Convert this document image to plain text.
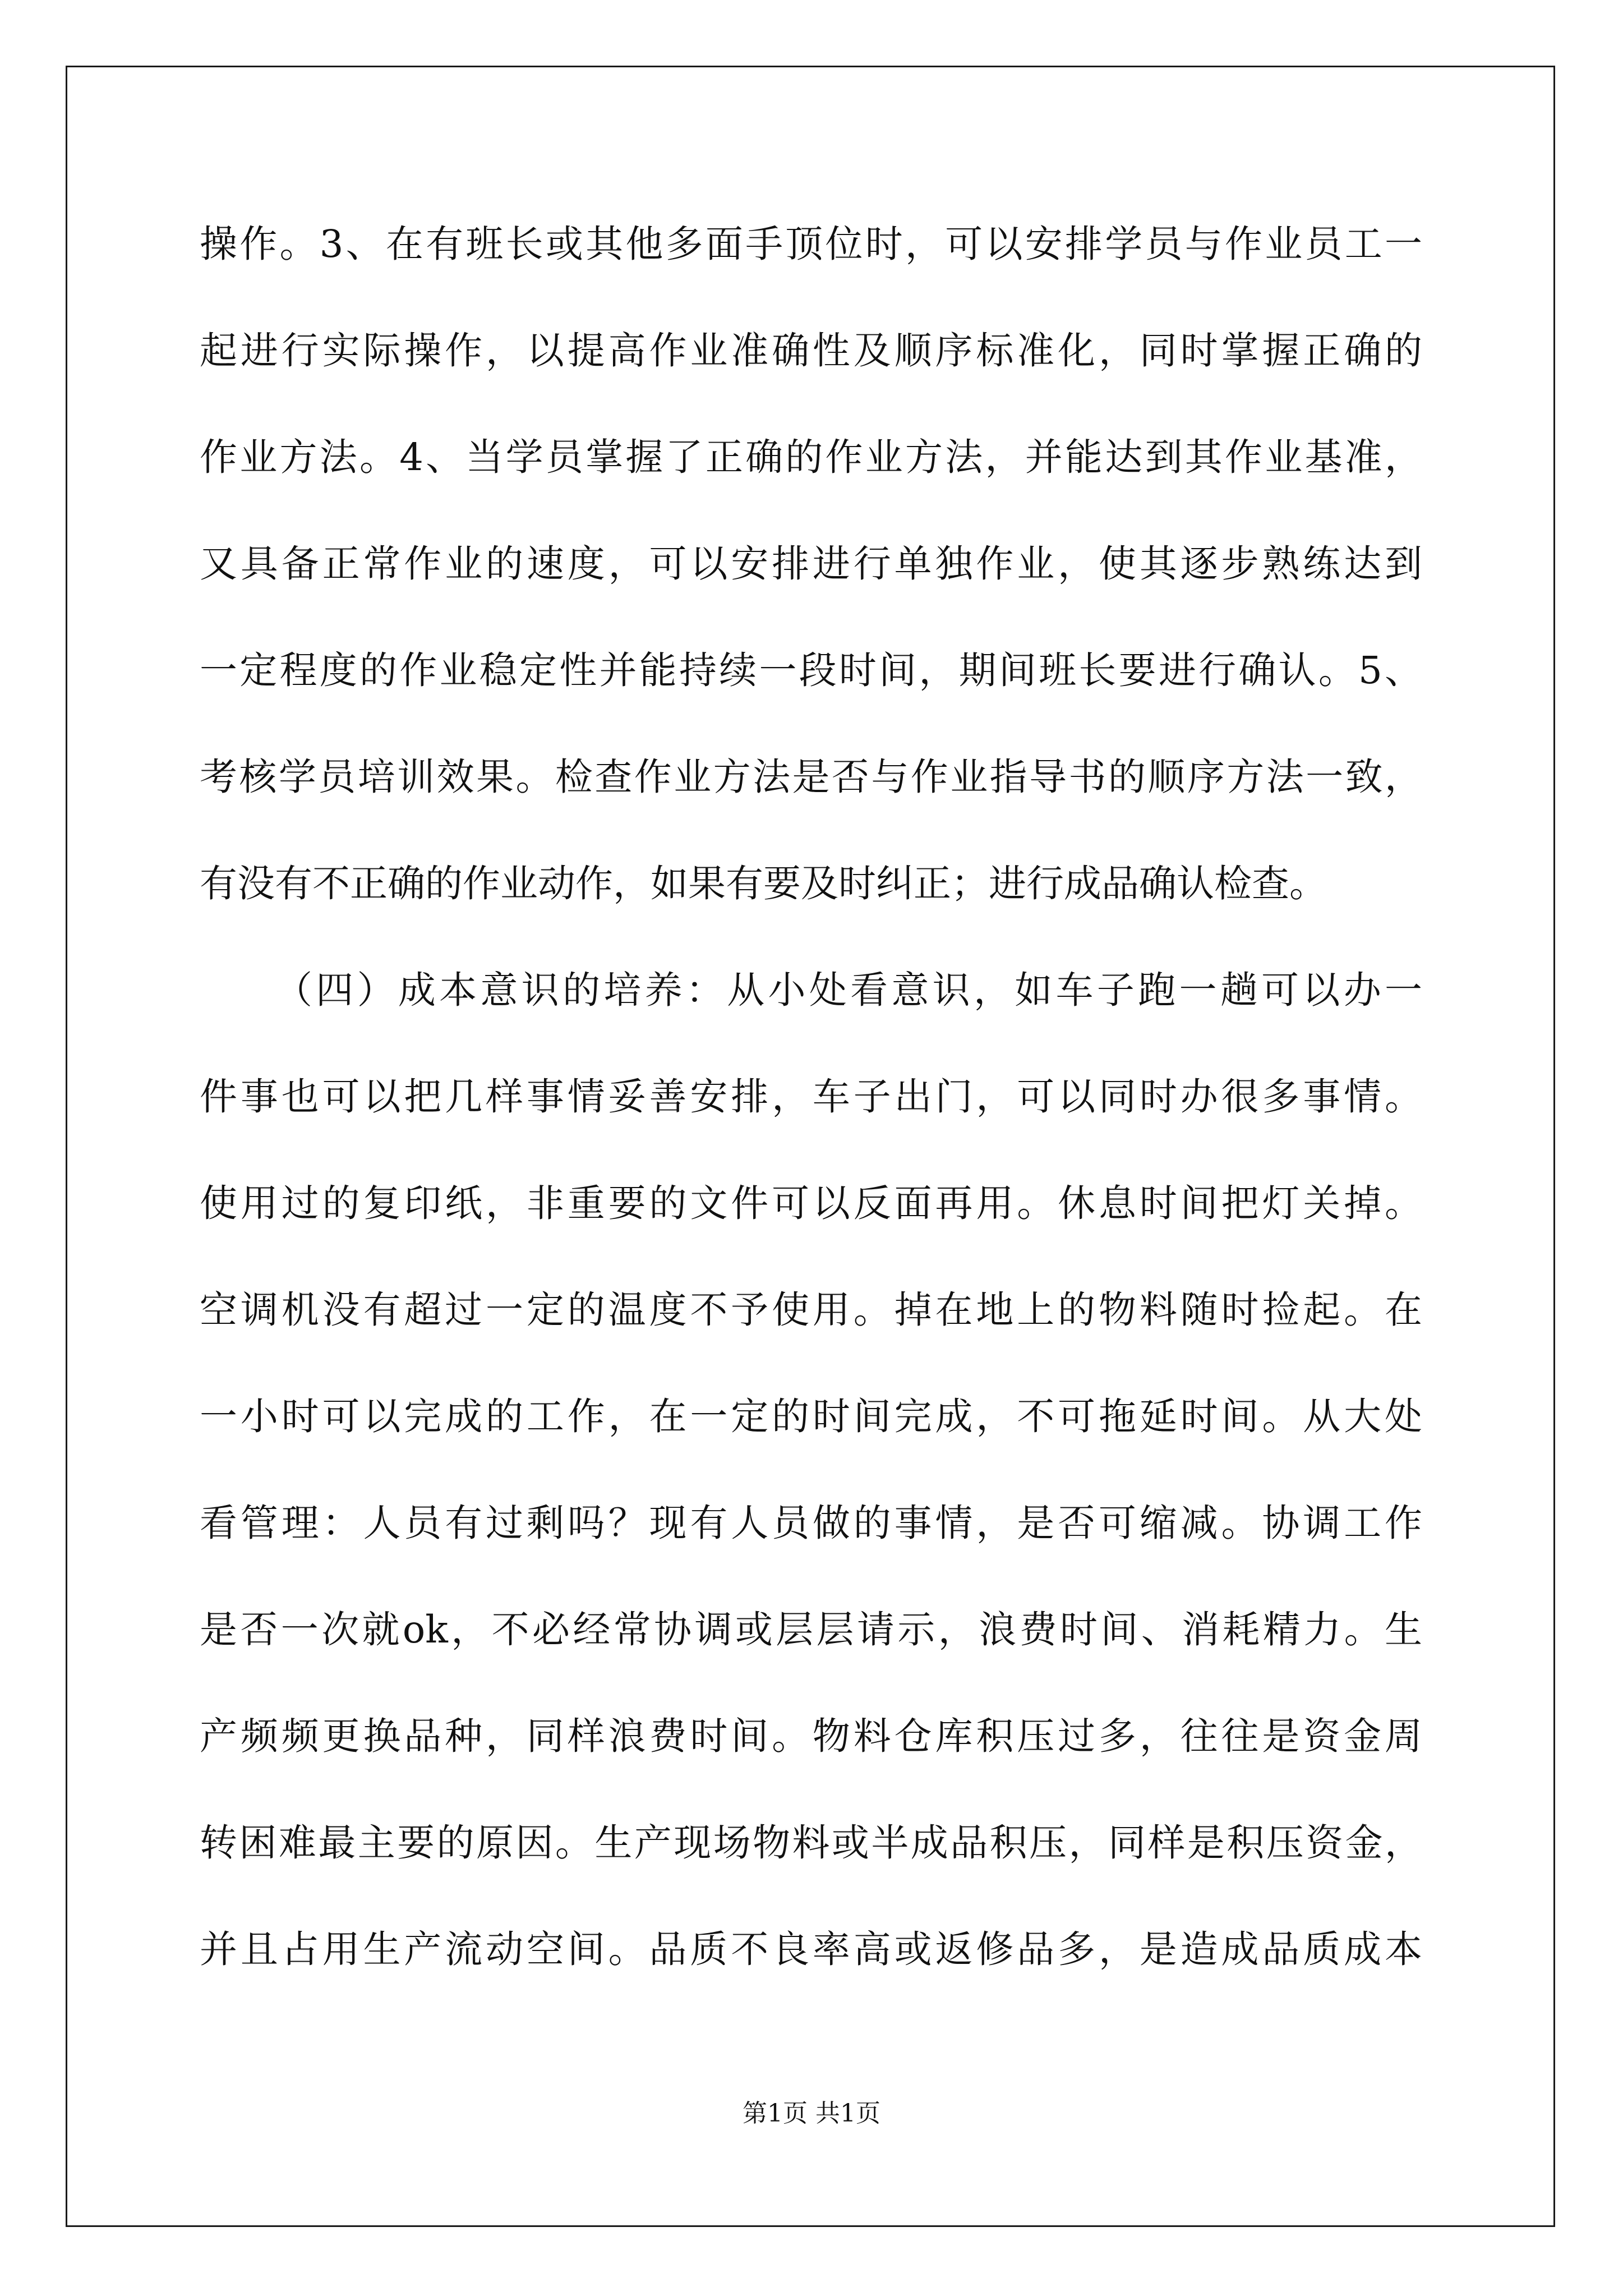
操作。3、在有班长或其他多面手顶位时，可以安排学员与作业员工一
起进行实际操作，以提高作业准确性及顺序标准化，同时掌握正确的
作业方法。4、当学员掌握了正确的作业方法，并能达到其作业基准，
又具备正常作业的速度，可以安排进行单独作业，使其逐步熟练达到
一定程度的作业稳定性并能持续一段时间，期间班长要进行确认。5、
考核学员培训效果。检查作业方法是否与作业指导书的顺序方法一致，
有没有不正确的作业动作，如果有要及时纠正；进行成品确认检查。
（四）成本意识的培养：从小处看意识，如车子跑一趟可以办一
件事也可以把几样事情妥善安排，车子出门，可以同时办很多事情。
使用过的复印纸，非重要的文件可以反面再用。休息时间把灯关掉。
空调机没有超过一定的温度不予使用。掉在地上的物料随时捡起。在
一小时可以完成的工作，在一定的时间完成，不可拖延时间。从大处
看管理：人员有过剩吗？现有人员做的事情，是否可缩减。协调工作
是否一次就ok，不必经常协调或层层请示，浪费时间、消耗精力。生
产频频更换品种，同样浪费时间。物料仓库积压过多，往往是资金周
转困难最主要的原因。生产现场物料或半成品积压，同样是积压资金，
并且占用生产流动空间。品质不良率高或返修品多，是造成品质成本
第1页 共1页
